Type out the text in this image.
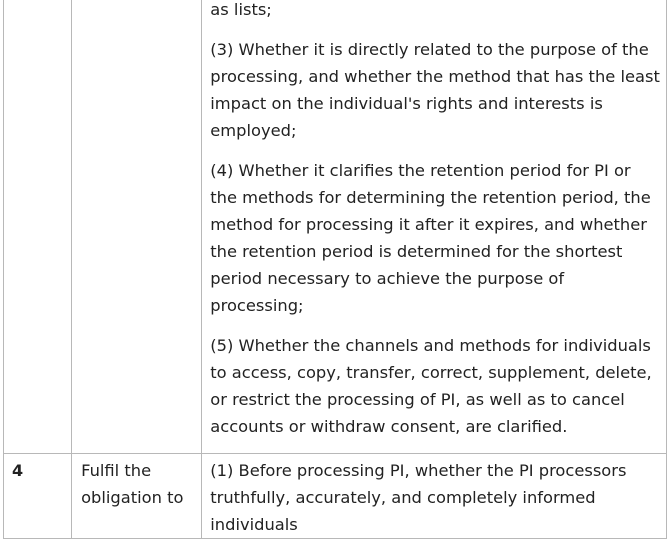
		as lists;

(3) Whether it is directly related to the purpose of the processing, and whether the method that has the least impact on the individual's rights and interests is employed;

(4) Whether it clarifies the retention period for PI or the methods for determining the retention period, the method for processing it after it expires, and whether the retention period is determined for the shortest period necessary to achieve the purpose of processing;

(5) Whether the channels and methods for individuals to access, copy, transfer, correct, supplement, delete, or restrict the processing of PI, as well as to cancel accounts or withdraw consent, are clarified.

4	Fulfil the obligation to	(1) Before processing PI, whether the PI processors truthfully, accurately, and completely informed individuals
